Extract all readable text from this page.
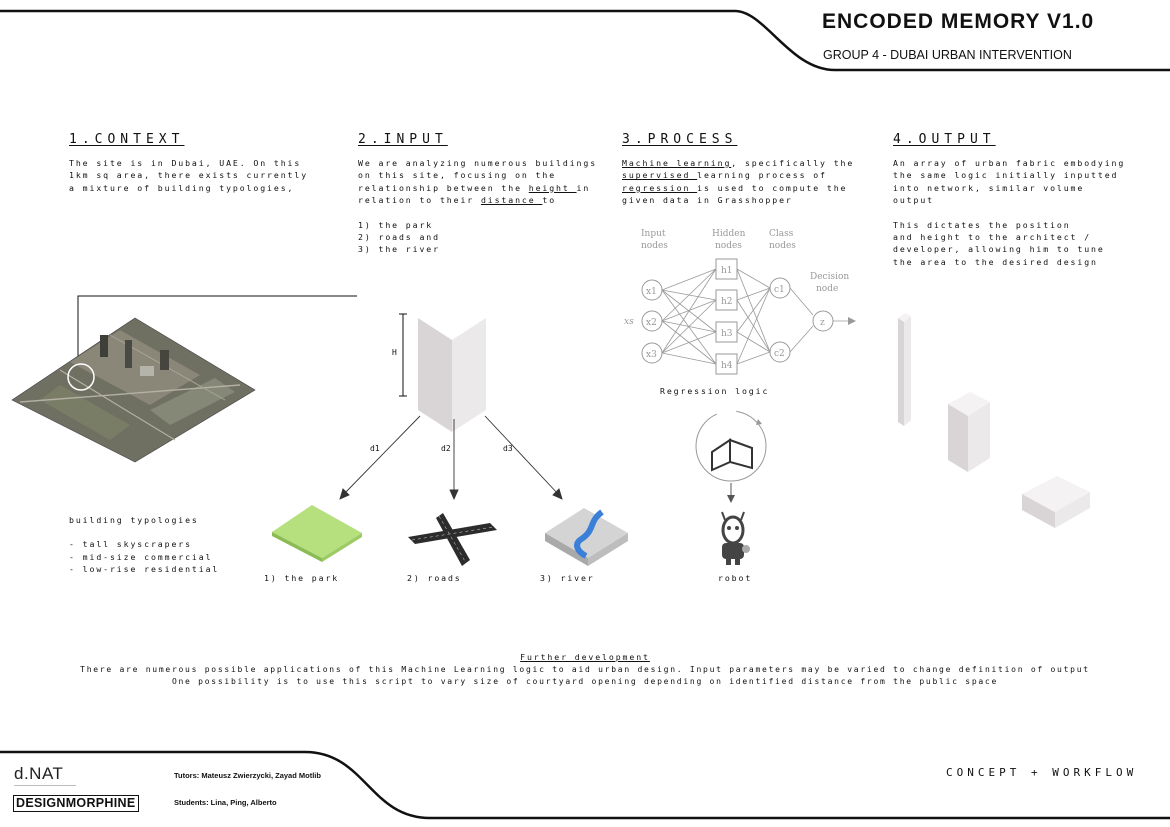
ENCODED MEMORY V1.0
GROUP 4 - DUBAI URBAN INTERVENTION
1.CONTEXT

The site is in Dubai, UAE. On this

1km sq area, there exists currently

a mixture of building typologies,

building typologies

- tall skyscrapers

- mid-size commercial

- low-rise residential

2.INPUT

We are analyzing numerous buildings

on this site, focusing on the

relationship between the height in

relation to their distance to

1) the park

2) roads and

3) the river

H
d1	d2	d3
1) the park	2) roads	3) river
3.PROCESS

Machine learning, specifically the

supervised learning process of

regression is used to compute the

given data in Grasshopper

Input
nodes
Hidden
nodes
Class
nodes
Decision
node
xs
x1
x2
x3
h1
h2
h3
h4
c1
c2
z
Regression logic
robot
4.OUTPUT

An array of urban fabric embodying

the same logic initially inputted

into network, similar volume

output

This dictates the position

and height to the architect /

developer, allowing him to tune

the area to the desired design

Further development
There are numerous possible applications of this Machine Learning logic to aid urban design. Input parameters may be varied to change definition of output
One possibility is to use this script to vary size of courtyard opening depending on identified distance from the public space
d.NAT
DESIGNMORPHINE
Tutors: Mateusz Zwierzycki, Zayad Motlib
Students: Lina, Ping, Alberto
CONCEPT + WORKFLOW
